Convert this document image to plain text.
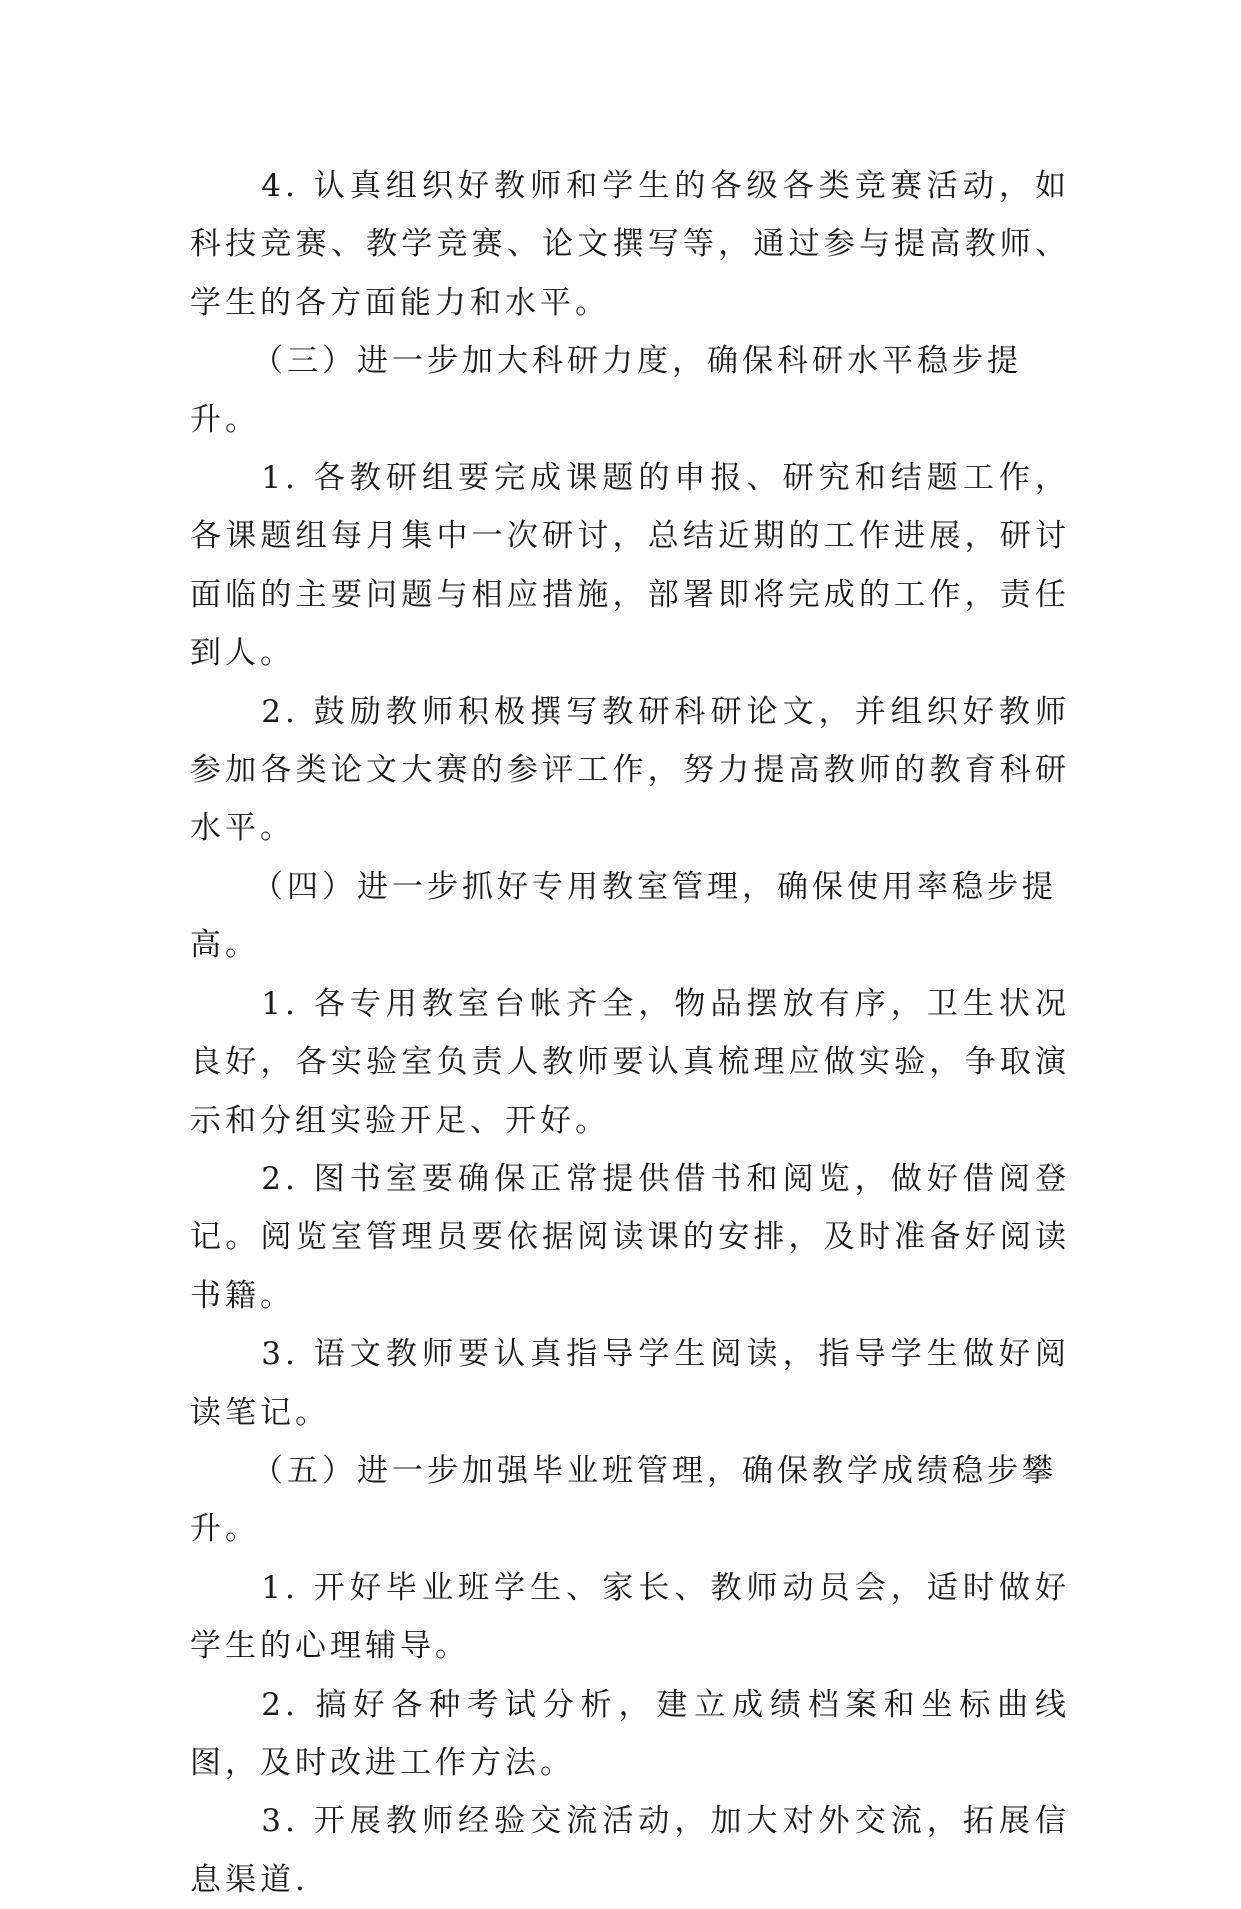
4. 认真组织好教师和学生的各级各类竞赛活动，如科技竞赛、教学竞赛、论文撰写等，通过参与提高教师、学生的各方面能力和水平。

（三）进一步加大科研力度，确保科研水平稳步提升。

1. 各教研组要完成课题的申报、研究和结题工作，各课题组每月集中一次研讨，总结近期的工作进展，研讨面临的主要问题与相应措施，部署即将完成的工作，责任到人。

2. 鼓励教师积极撰写教研科研论文，并组织好教师参加各类论文大赛的参评工作，努力提高教师的教育科研水平。

（四）进一步抓好专用教室管理，确保使用率稳步提高。

1. 各专用教室台帐齐全，物品摆放有序，卫生状况良好，各实验室负责人教师要认真梳理应做实验，争取演示和分组实验开足、开好。

2. 图书室要确保正常提供借书和阅览，做好借阅登记。阅览室管理员要依据阅读课的安排，及时准备好阅读书籍。

3. 语文教师要认真指导学生阅读，指导学生做好阅读笔记。

（五）进一步加强毕业班管理，确保教学成绩稳步攀升。

1. 开好毕业班学生、家长、教师动员会，适时做好学生的心理辅导。

2. 搞好各种考试分析，建立成绩档案和坐标曲线图，及时改进工作方法。

3. 开展教师经验交流活动，加大对外交流，拓展信息渠道.
